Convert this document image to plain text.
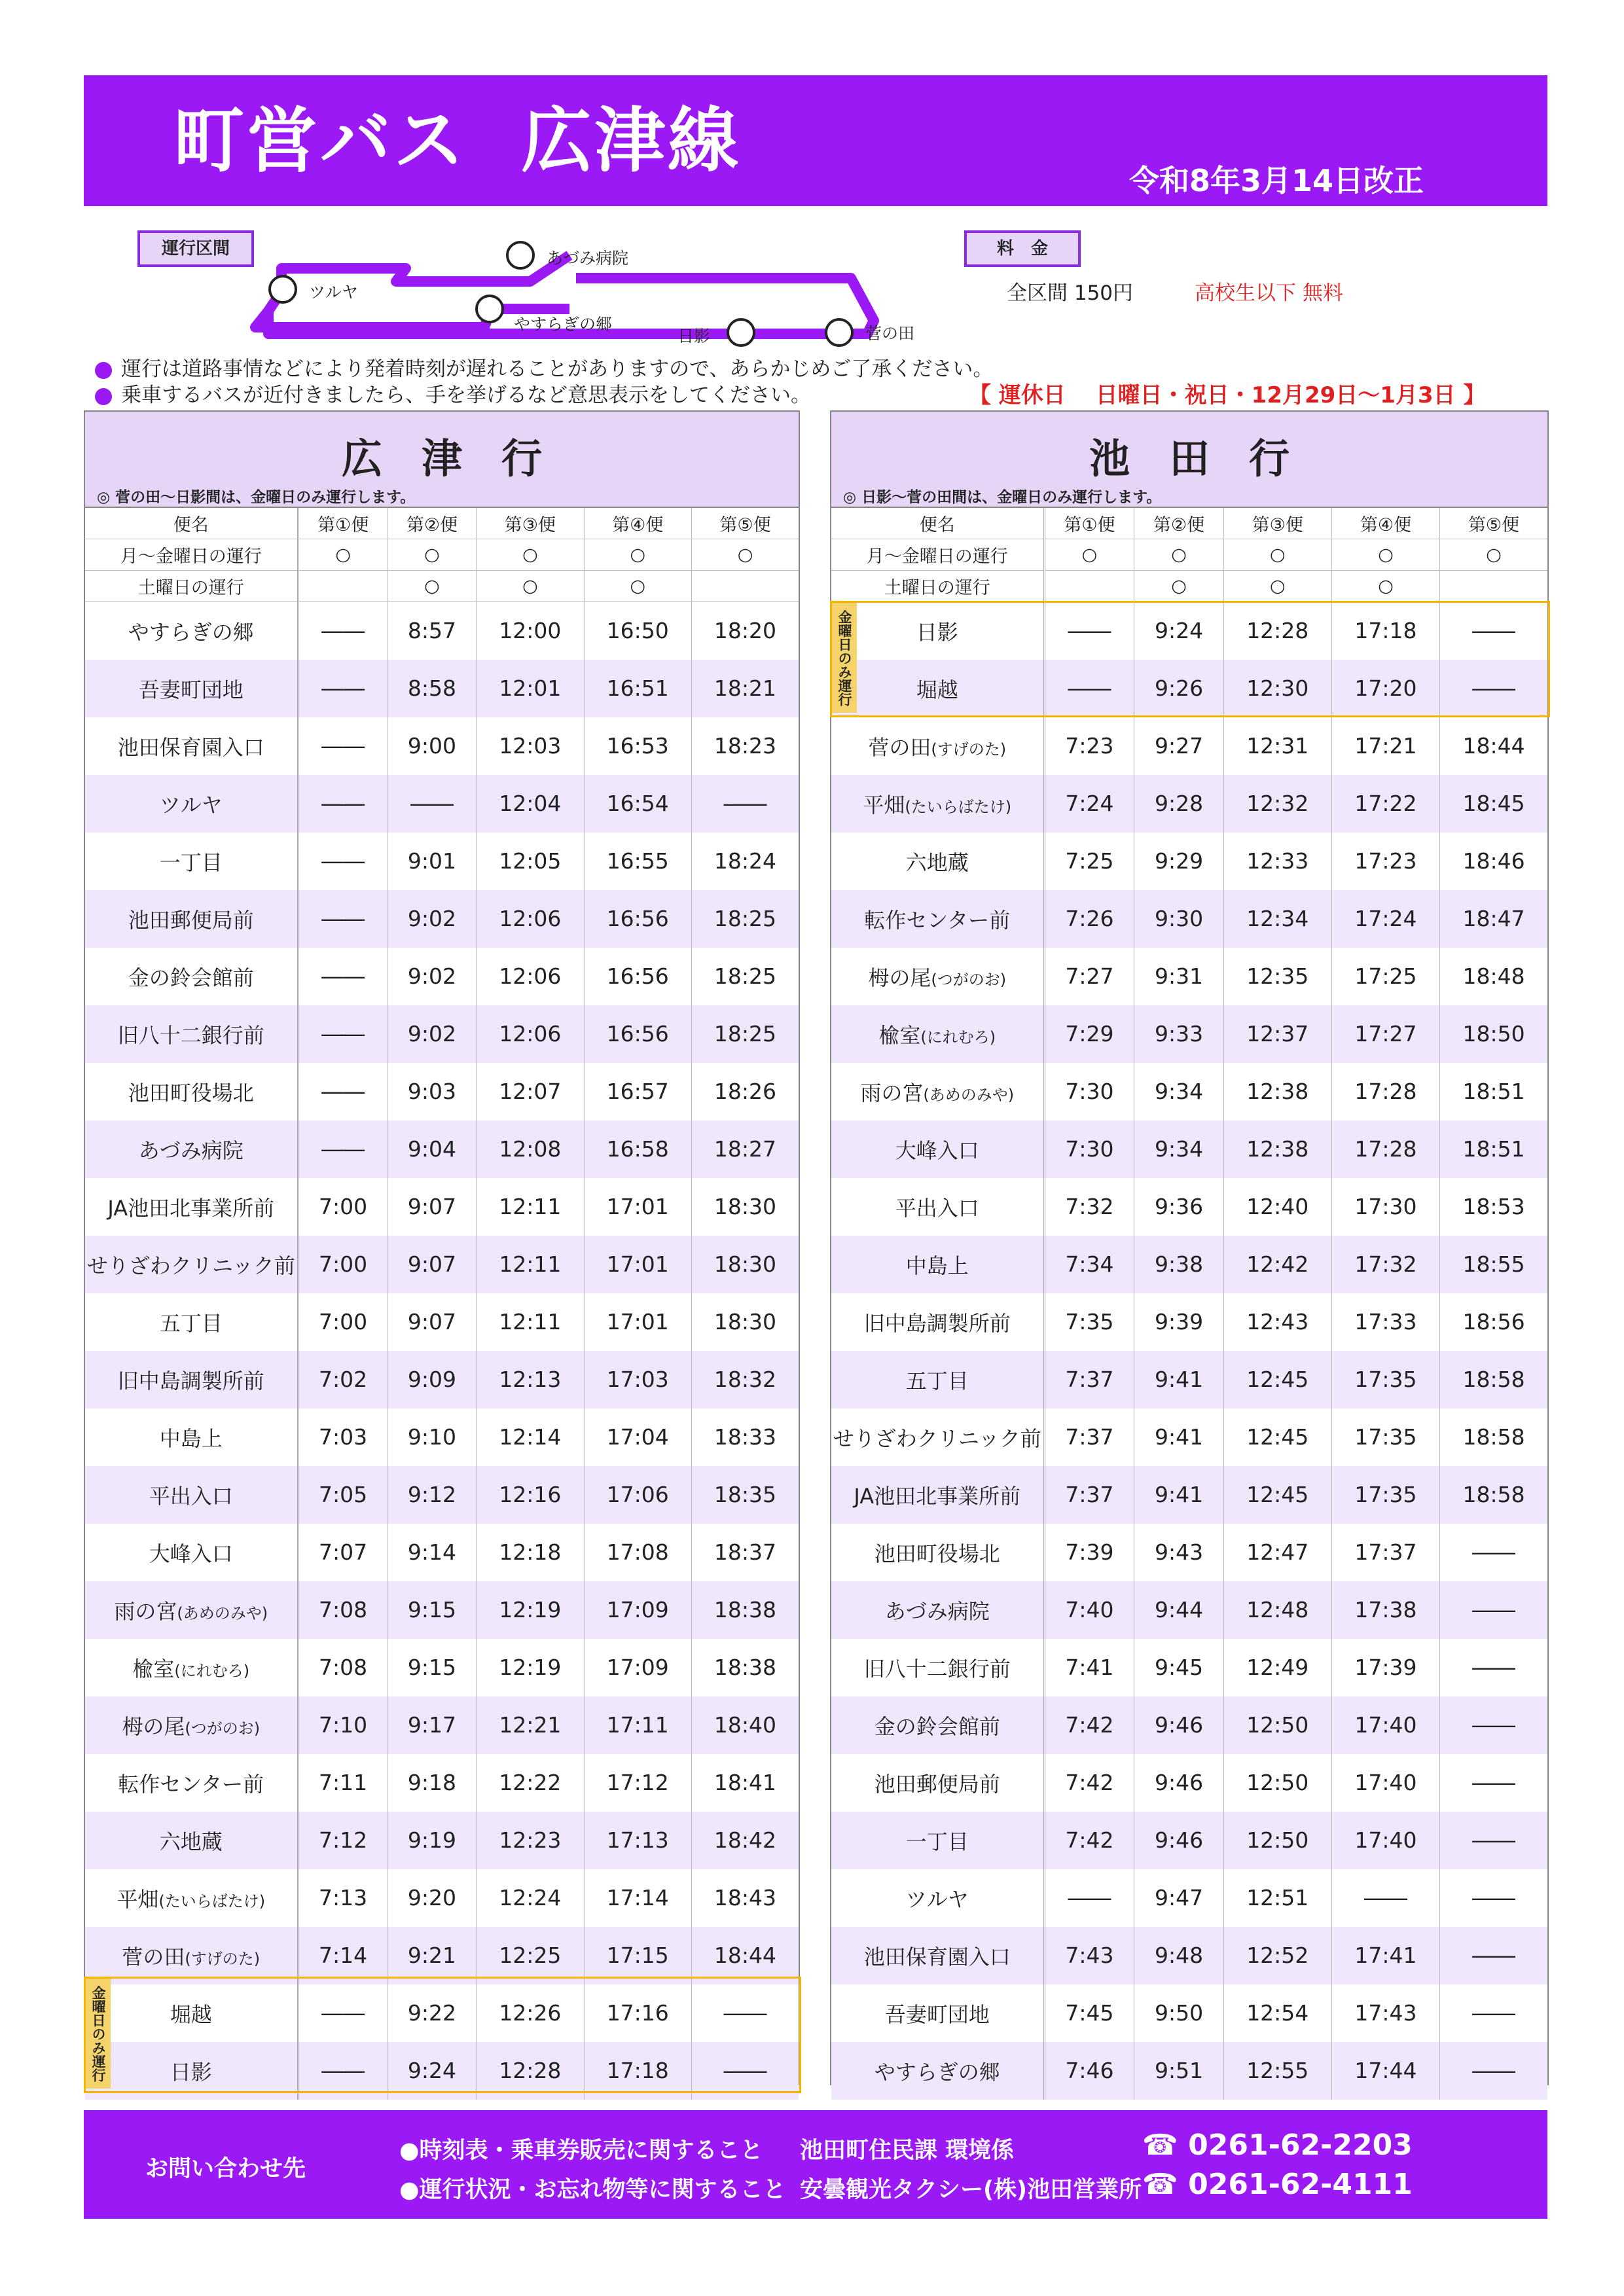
町営バス  広津線	令和8年3月14日改正
運行区間
ツルヤ
あづみ病院
やすらぎの郷
日影	菅の田
料　金
全区間 150円	高校生以下 無料
運行は道路事情などにより発着時刻が遅れることがありますので、あらかじめご了承ください。
乗車するバスが近付きましたら、手を挙げるなど意思表示をしてください。	【 運休日　 日曜日・祝日・12月29日～1月3日 】
広津行
◎ 菅の田～日影間は、金曜日のみ運行します。
便名	第①便	第②便	第③便	第④便	第⑤便
月～金曜日の運行	○	○	○	○	○
土曜日の運行		○	○	○	
やすらぎの郷	――	8:57	12:00	16:50	18:20
吾妻町団地	――	8:58	12:01	16:51	18:21
池田保育園入口	――	9:00	12:03	16:53	18:23
ツルヤ	――	――	12:04	16:54	――
一丁目	――	9:01	12:05	16:55	18:24
池田郵便局前	――	9:02	12:06	16:56	18:25
金の鈴会館前	――	9:02	12:06	16:56	18:25
旧八十二銀行前	――	9:02	12:06	16:56	18:25
池田町役場北	――	9:03	12:07	16:57	18:26
あづみ病院	――	9:04	12:08	16:58	18:27
JA池田北事業所前	7:00	9:07	12:11	17:01	18:30
せりざわクリニック前	7:00	9:07	12:11	17:01	18:30
五丁目	7:00	9:07	12:11	17:01	18:30
旧中島調製所前	7:02	9:09	12:13	17:03	18:32
中島上	7:03	9:10	12:14	17:04	18:33
平出入口	7:05	9:12	12:16	17:06	18:35
大峰入口	7:07	9:14	12:18	17:08	18:37
雨の宮(あめのみや)	7:08	9:15	12:19	17:09	18:38
楡室(にれむろ)	7:08	9:15	12:19	17:09	18:38
栂の尾(つがのお)	7:10	9:17	12:21	17:11	18:40
転作センター前	7:11	9:18	12:22	17:12	18:41
六地蔵	7:12	9:19	12:23	17:13	18:42
平畑(たいらばたけ)	7:13	9:20	12:24	17:14	18:43
菅の田(すげのた)	7:14	9:21	12:25	17:15	18:44
堀越	――	9:22	12:26	17:16	――
日影	――	9:24	12:28	17:18	――
池田行
◎ 日影～菅の田間は、金曜日のみ運行します。
便名	第①便	第②便	第③便	第④便	第⑤便
月～金曜日の運行	○	○	○	○	○
土曜日の運行		○	○	○	
日影	――	9:24	12:28	17:18	――
堀越	――	9:26	12:30	17:20	――
菅の田(すげのた)	7:23	9:27	12:31	17:21	18:44
平畑(たいらばたけ)	7:24	9:28	12:32	17:22	18:45
六地蔵	7:25	9:29	12:33	17:23	18:46
転作センター前	7:26	9:30	12:34	17:24	18:47
栂の尾(つがのお)	7:27	9:31	12:35	17:25	18:48
楡室(にれむろ)	7:29	9:33	12:37	17:27	18:50
雨の宮(あめのみや)	7:30	9:34	12:38	17:28	18:51
大峰入口	7:30	9:34	12:38	17:28	18:51
平出入口	7:32	9:36	12:40	17:30	18:53
中島上	7:34	9:38	12:42	17:32	18:55
旧中島調製所前	7:35	9:39	12:43	17:33	18:56
五丁目	7:37	9:41	12:45	17:35	18:58
せりざわクリニック前	7:37	9:41	12:45	17:35	18:58
JA池田北事業所前	7:37	9:41	12:45	17:35	18:58
池田町役場北	7:39	9:43	12:47	17:37	――
あづみ病院	7:40	9:44	12:48	17:38	――
旧八十二銀行前	7:41	9:45	12:49	17:39	――
金の鈴会館前	7:42	9:46	12:50	17:40	――
池田郵便局前	7:42	9:46	12:50	17:40	――
一丁目	7:42	9:46	12:50	17:40	――
ツルヤ	――	9:47	12:51	――	――
池田保育園入口	7:43	9:48	12:52	17:41	――
吾妻町団地	7:45	9:50	12:54	17:43	――
やすらぎの郷	7:46	9:51	12:55	17:44	――
金曜日のみ運行
金曜日のみ運行
お問い合わせ先
●時刻表・乗車券販売に関すること 池田町住民課 環境係	☎ 0261-62-2203
●運行状況・お忘れ物等に関すること 安曇観光タクシー(株)池田営業所 ☎ 0261-62-4111
